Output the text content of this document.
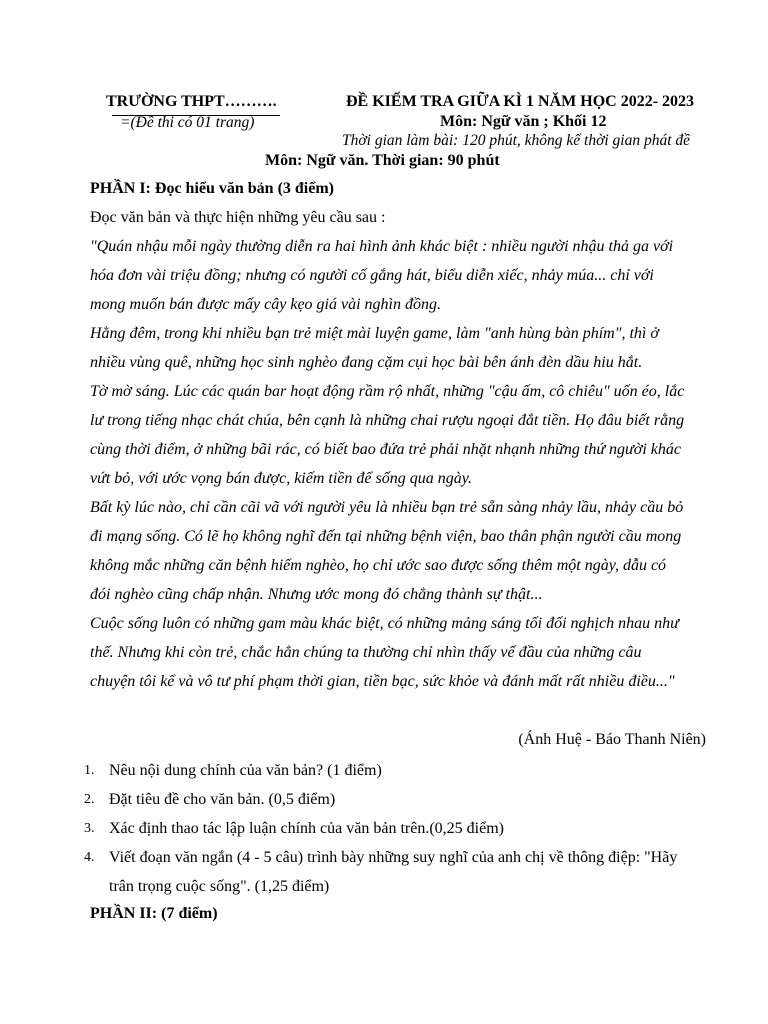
TRƯỜNG THPT……….
=(Đề thi có 01 trang)
ĐỀ KIẾM TRA GIỮA KÌ 1 NĂM HỌC 2022- 2023
Môn: Ngữ văn ; Khối 12
Thời gian làm bài: 120 phút, không kể thời gian phát đề
Môn: Ngữ văn. Thời gian: 90 phút
PHẦN I: Đọc hiểu văn bản (3 điểm)
Đọc văn bản và thực hiện những yêu cầu sau :

"Quán nhậu mỗi ngày thường diễn ra hai hình ảnh khác biệt : nhiều người nhậu thả ga với hóa đơn vài triệu đồng; nhưng có người cố gắng hát, biểu diễn xiếc, nhảy múa... chỉ với mong muốn bán được mấy cây kẹo giá vài nghìn đồng.

Hằng đêm, trong khi nhiều bạn trẻ miệt mài luyện game, làm "anh hùng bàn phím", thì ở nhiều vùng quê, những học sinh nghèo đang cặm cụi học bài bên ánh đèn dầu hiu hắt.

Tờ mờ sáng. Lúc các quán bar hoạt động rầm rộ nhất, những "cậu ấm, cô chiêu" uốn éo, lắc lư trong tiếng nhạc chát chúa, bên cạnh là những chai rượu ngoại đắt tiền. Họ đâu biết rằng cùng thời điểm, ở những bãi rác, có biết bao đứa trẻ phải nhặt nhạnh những thứ người khác vứt bỏ, với ước vọng bán được, kiếm tiền để sống qua ngày.

Bất kỳ lúc nào, chỉ cần cãi vã với người yêu là nhiều bạn trẻ sẵn sàng nhảy lầu, nhảy cầu bỏ đi mạng sống. Có lẽ họ không nghĩ đến tại những bệnh viện, bao thân phận người cầu mong không mắc những căn bệnh hiểm nghèo, họ chỉ ước sao được sống thêm một ngày, dẫu có đói nghèo cũng chấp nhận. Nhưng ước mong đó chẳng thành sự thật...

Cuộc sống luôn có những gam màu khác biệt, có những mảng sáng tối đối nghịch nhau như thế. Nhưng khi còn trẻ, chắc hẳn chúng ta thường chỉ nhìn thấy vế đầu của những câu chuyện tôi kể và vô tư phí phạm thời gian, tiền bạc, sức khỏe và đánh mất rất nhiều điều..."

(Ánh Huệ - Báo Thanh Niên)
1. Nêu nội dung chính của văn bản? (1 điểm)
2. Đặt tiêu đề cho văn bản. (0,5 điểm)
3. Xác định thao tác lập luận chính của văn bản trên.(0,25 điểm)
4. Viết đoạn văn ngắn (4 - 5 câu) trình bày những suy nghĩ của anh chị về thông điệp: "Hãy trân trọng cuộc sống". (1,25 điểm)
PHẦN II: (7 điểm)
